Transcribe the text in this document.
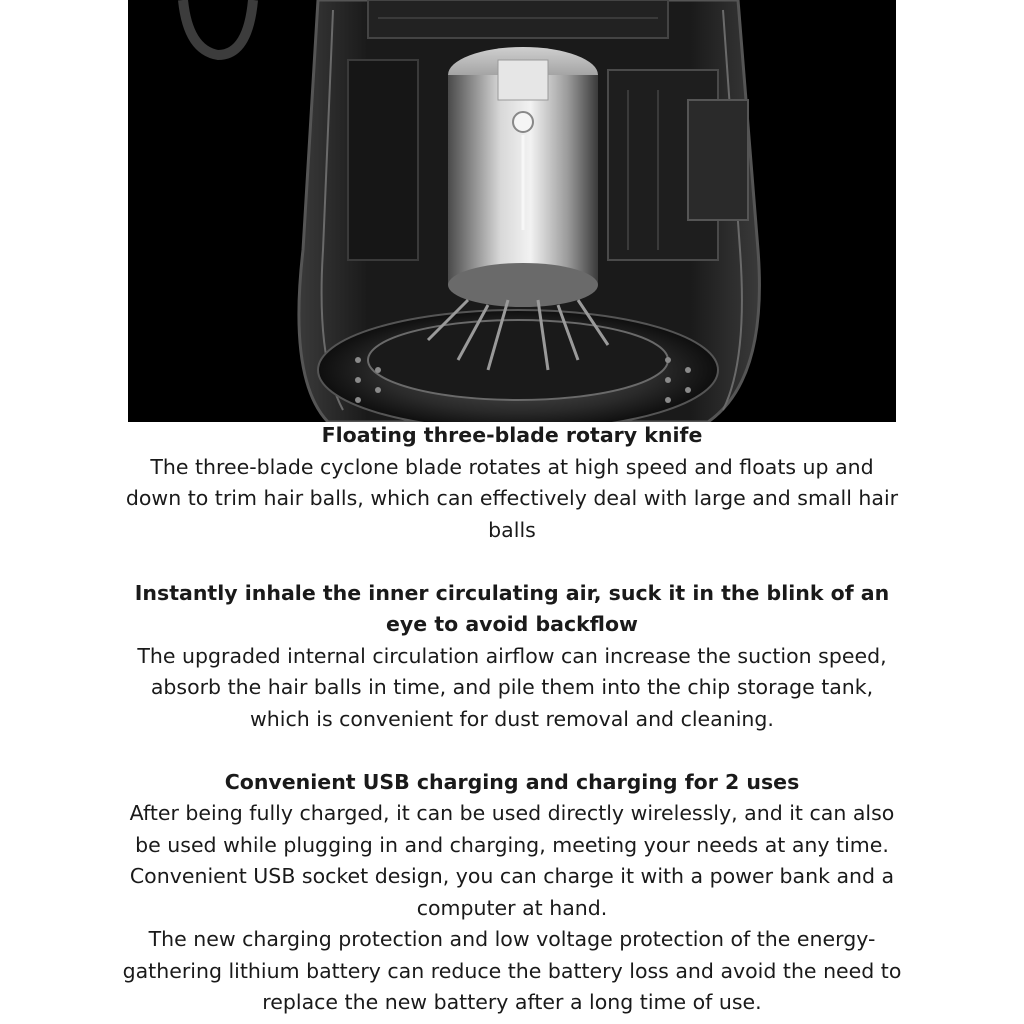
Floating three-blade rotary knife

The three-blade cyclone blade rotates at high speed and floats up and down to trim hair balls, which can effectively deal with large and small hair balls

Instantly inhale the inner circulating air, suck it in the blink of an eye to avoid backflow

The upgraded internal circulation airflow can increase the suction speed, absorb the hair balls in time, and pile them into the chip storage tank, which is convenient for dust removal and cleaning.

Convenient USB charging and charging for 2 uses

After being fully charged, it can be used directly wirelessly, and it can also be used while plugging in and charging, meeting your needs at any time. Convenient USB socket design, you can charge it with a power bank and a computer at hand.

The new charging protection and low voltage protection of the energy-gathering lithium battery can reduce the battery loss and avoid the need to replace the new battery after a long time of use.
